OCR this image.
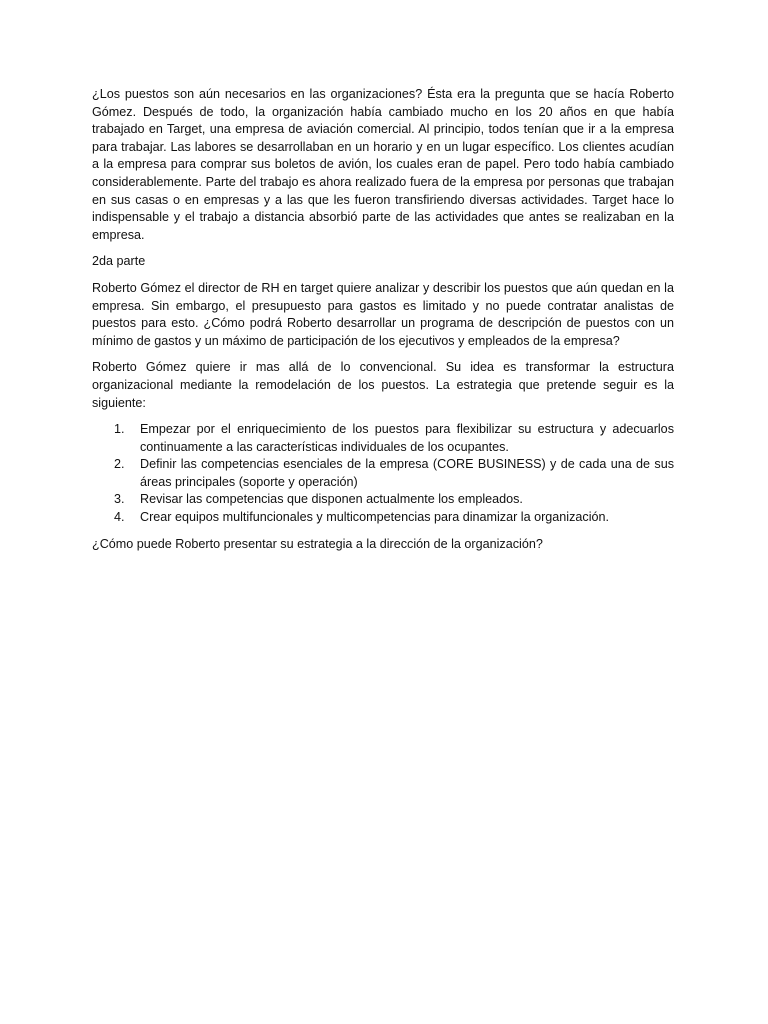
¿Los puestos son aún necesarios en las organizaciones? Ésta era la pregunta que se hacía Roberto Gómez. Después de todo, la organización había cambiado mucho en los 20 años en que había trabajado en Target, una empresa de aviación comercial. Al principio, todos tenían que ir a la empresa para trabajar. Las labores se desarrollaban en un horario y en un lugar específico. Los clientes acudían a la empresa para comprar sus boletos de avión, los cuales eran de papel. Pero todo había cambiado considerablemente. Parte del trabajo es ahora realizado fuera de la empresa por personas que trabajan en sus casas o en empresas y a las que les fueron transfiriendo diversas actividades. Target hace lo indispensable y el trabajo a distancia absorbió parte de las actividades que antes se realizaban en la empresa.

2da parte

Roberto Gómez el director de RH en target quiere analizar y describir los puestos que aún quedan en la empresa. Sin embargo, el presupuesto para gastos es limitado y no puede contratar analistas de puestos para esto. ¿Cómo podrá Roberto desarrollar un programa de descripción de puestos con un mínimo de gastos y un máximo de participación de los ejecutivos y empleados de la empresa?

Roberto Gómez quiere ir mas allá de lo convencional. Su idea es transformar la estructura organizacional mediante la remodelación de los puestos. La estrategia que pretende seguir es la siguiente:

1.	Empezar por el enriquecimiento de los puestos para flexibilizar su estructura y adecuarlos continuamente a las características individuales de los ocupantes.
2.	Definir las competencias esenciales de la empresa (CORE BUSINESS) y de cada una de sus áreas principales (soporte y operación)
3.	Revisar las competencias que disponen actualmente los empleados.
4.	Crear equipos multifuncionales y multicompetencias para dinamizar la organización.

¿Cómo puede Roberto presentar su estrategia a la dirección de la organización?
